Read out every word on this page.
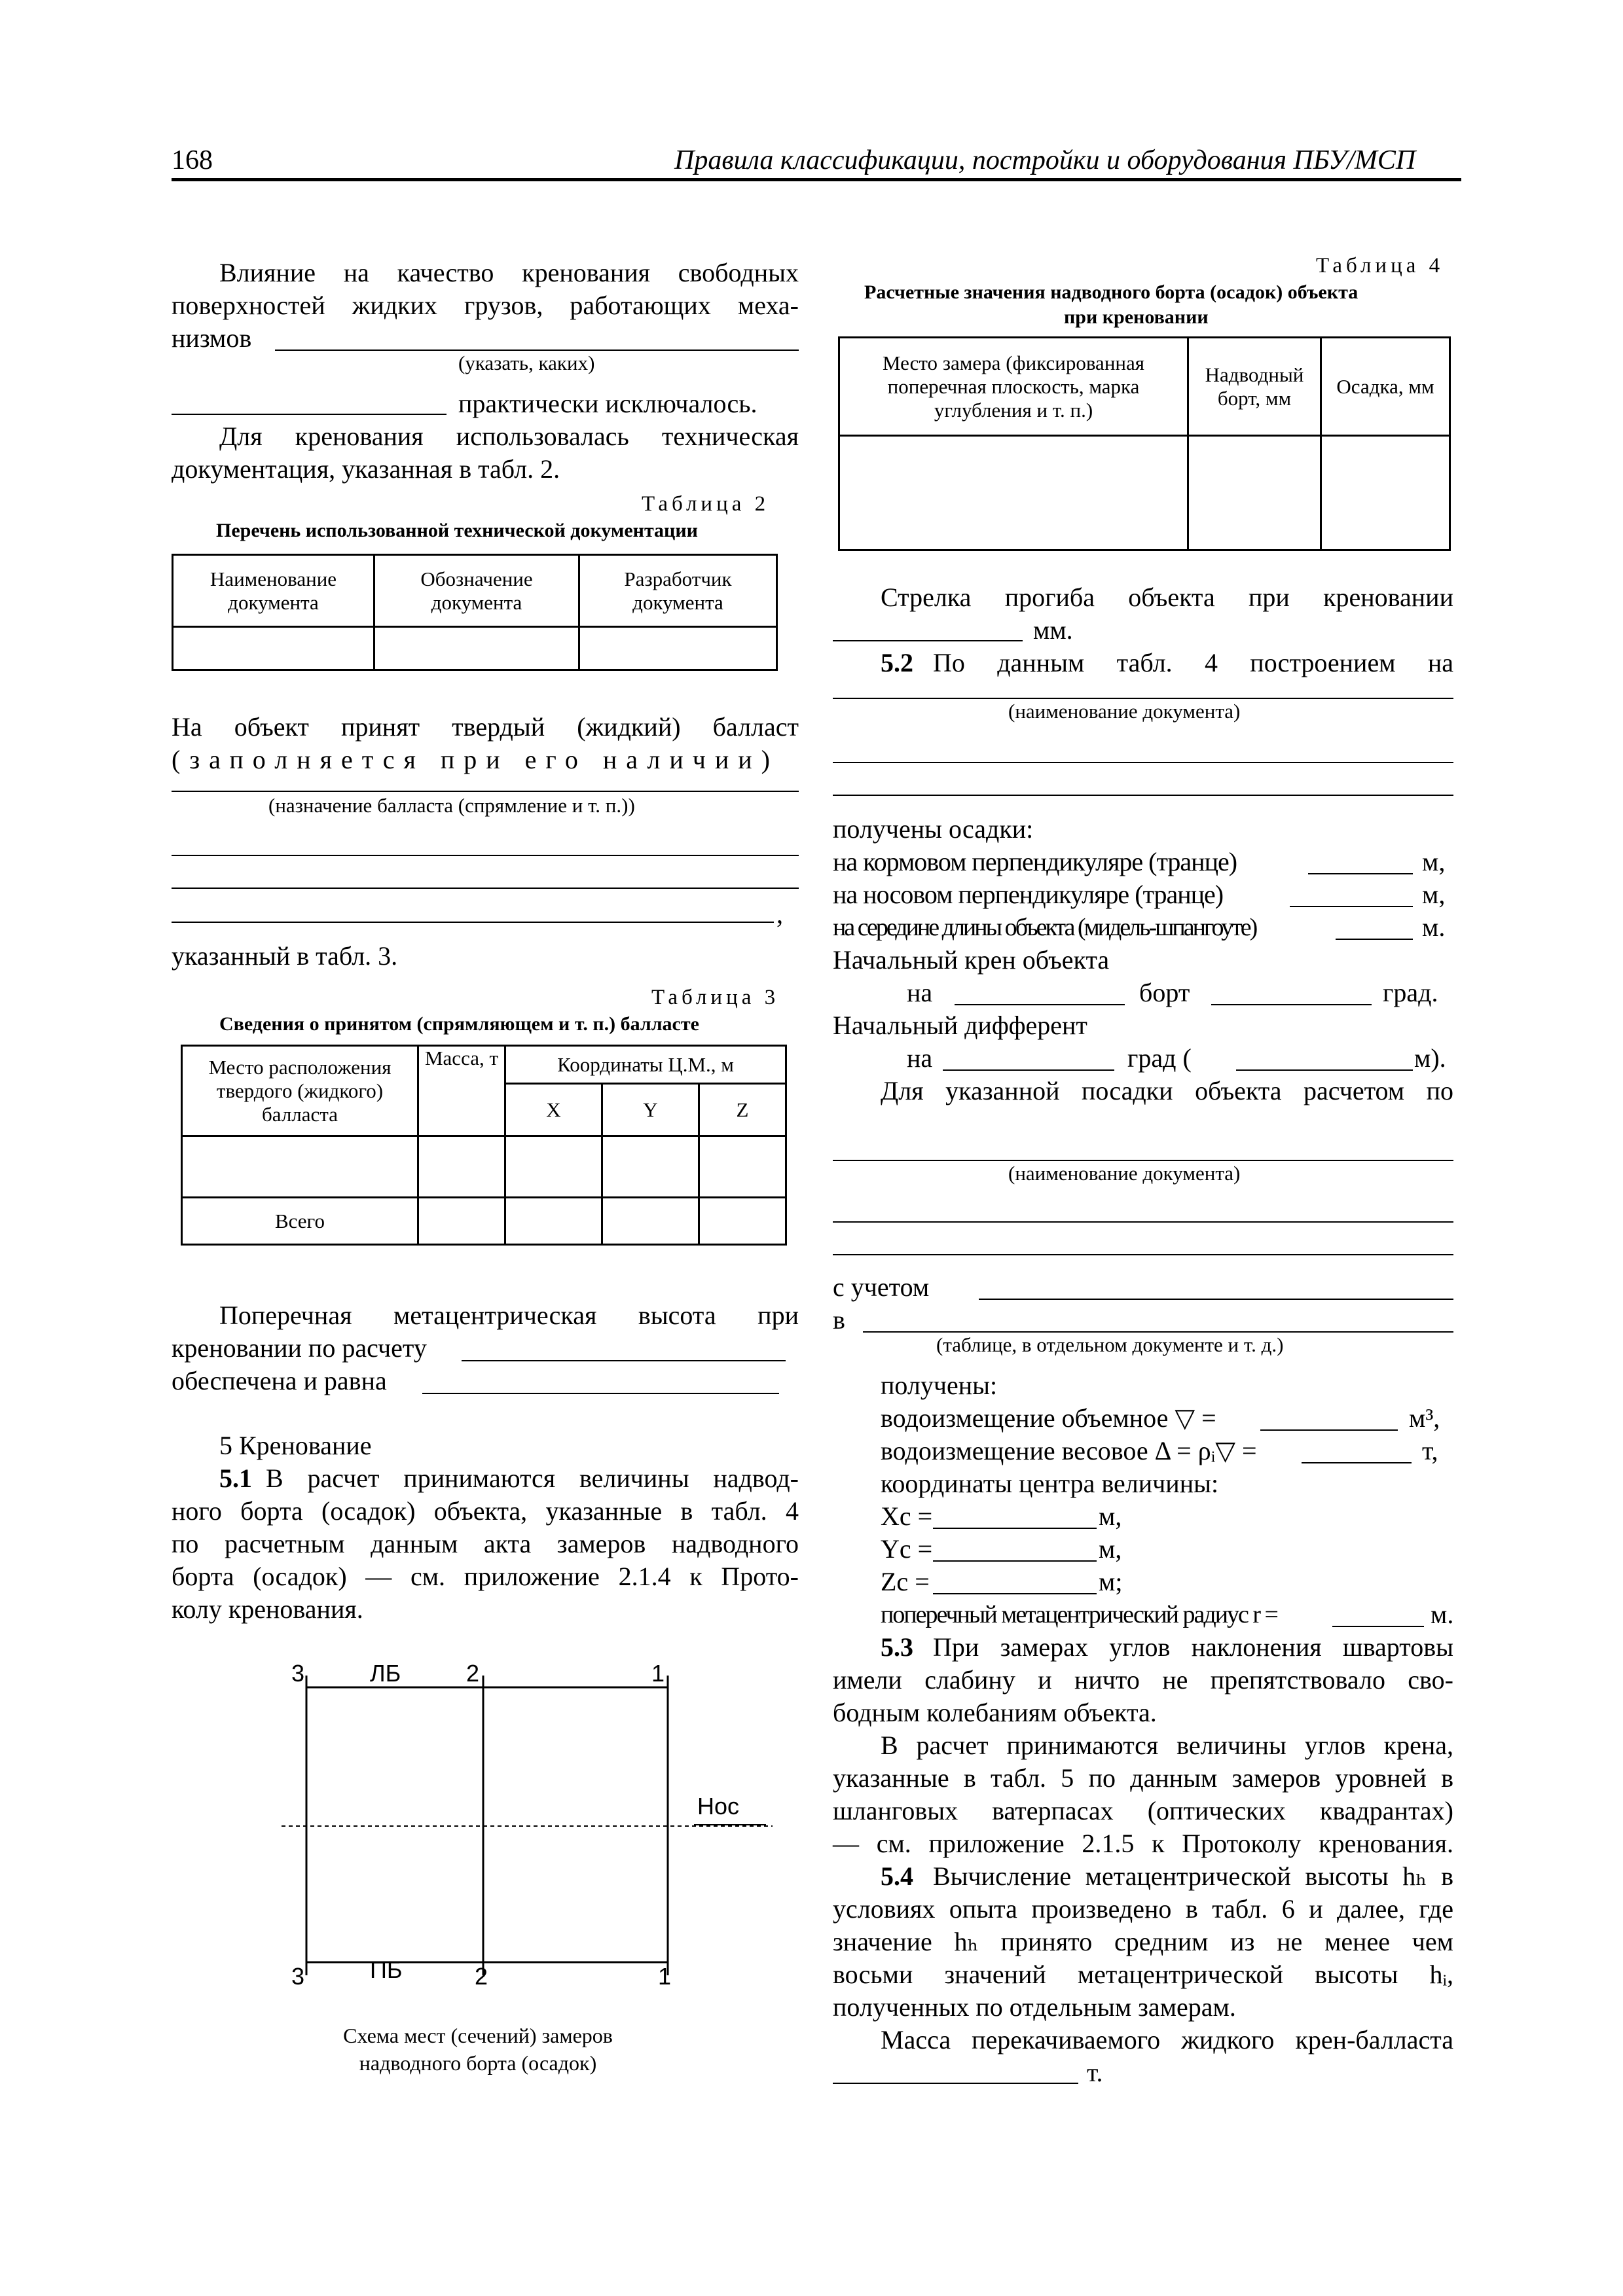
168	Правила классификации, постройки и оборудования ПБУ/МСП
Влияние на качество кренования свободных
поверхностей жидких грузов, работающих меха-
низмов
(указать, каких)
практически исключалось.
Для кренования использовалась техническая
документация, указанная в табл. 2.
Таблица 2
Перечень использованной технической документации
Наименование документа	Обозначение документа	Разработчик документа

На объект принят твердый (жидкий) балласт
(заполняется при его наличии)
(назначение балласта (спрямление и т. п.))
,
указанный в табл. 3.
Таблица 3
Сведения о принятом (спрямляющем и т. п.) балласте
Место расположения твердого (жидкого) балласта	Масса, т	Координаты Ц.М., м		
		X	Y	Z

Всего				
Поперечная метацентрическая высота при
креновании по расчету
обеспечена и равна
5 Кренование
5.1 В расчет принимаются величины надвод-
ного борта (осадок) объекта, указанные в табл. 4
по расчетным данным акта замеров надводного
борта (осадок) — см. приложение 2.1.4 к Прото-
колу кренования.
3	ЛБ	2	1
Нос
3	ПБ	2	1
Схема мест (сечений) замеров
надводного борта (осадок)
Таблица 4
Расчетные значения надводного борта (осадок) объекта
при креновании
Место замера (фиксированная поперечная плоскость, марка углубления и т. п.)	Надводный борт, мм	Осадка, мм

Стрелка прогиба объекта при креновании
мм.
5.2 По данным табл. 4 построением на
(наименование документа)
получены осадки:
на кормовом перпендикуляре (транце)	м,
на носовом перпендикуляре (транце)	м,
на середине длины объекта (мидель-шпангоуте)	м.
Начальный крен объекта
на	борт	град.
Начальный дифферент
на	град (	м).
Для указанной посадки объекта расчетом по
(наименование документа)
с учетом
в
(таблице, в отдельном документе и т. д.)
получены:
водоизмещение объемное ▽ =	м³,
водоизмещение весовое Δ = ρᵢ▽ =	т,
координаты центра величины:
Xc =	м,
Yc =	м,
Zc =	м;
поперечный метацентрический радиус r =	м.
5.3 При замерах углов наклонения швартовы
имели слабину и ничто не препятствовало сво-
бодным колебаниям объекта.
В расчет принимаются величины углов крена,
указанные в табл. 5 по данным замеров уровней в
шланговых ватерпасах (оптических квадрантах)
— см. приложение 2.1.5 к Протоколу кренования.
5.4 Вычисление метацентрической высоты hₕ в
условиях опыта произведено в табл. 6 и далее, где
значение hₕ принято средним из не менее чем
восьми значений метацентрической высоты hᵢ,
полученных по отдельным замерам.
Масса перекачиваемого жидкого крен-балласта
т.
